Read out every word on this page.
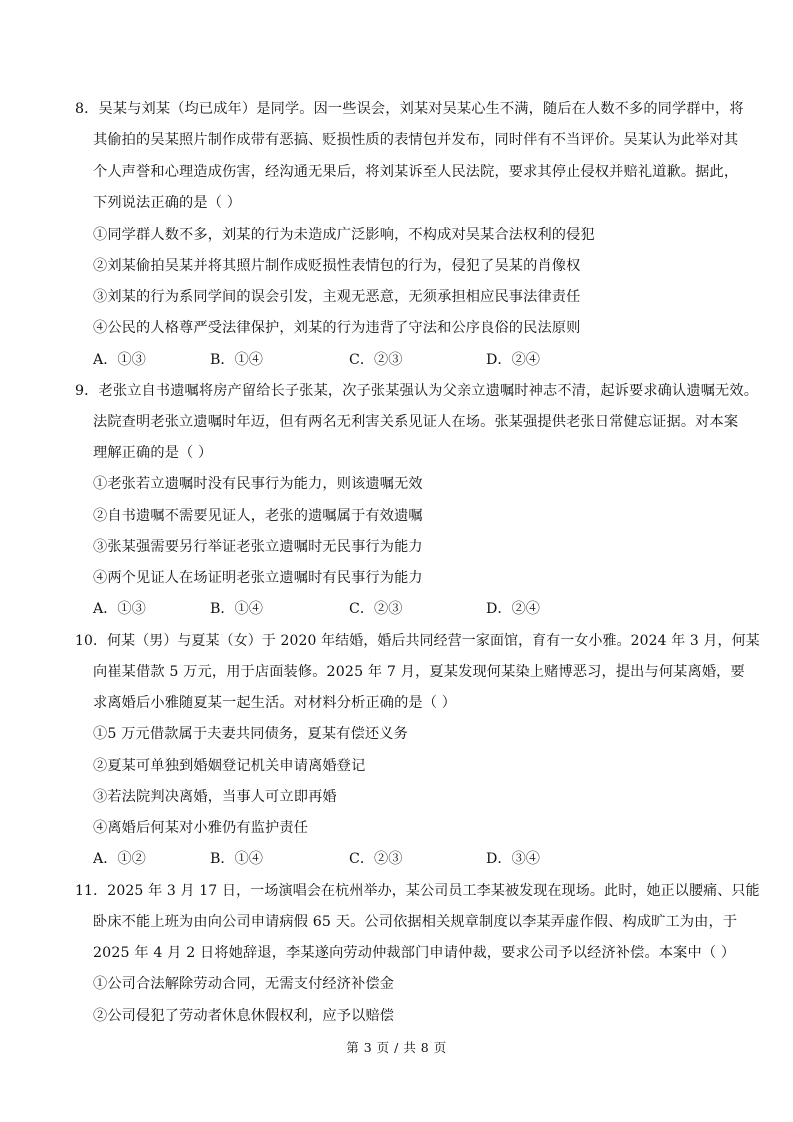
8．吴某与刘某（均已成年）是同学。因一些误会，刘某对吴某心生不满，随后在人数不多的同学群中，将
其偷拍的吴某照片制作成带有恶搞、贬损性质的表情包并发布，同时伴有不当评价。吴某认为此举对其
个人声誉和心理造成伤害，经沟通无果后，将刘某诉至人民法院，要求其停止侵权并赔礼道歉。据此，
下列说法正确的是（ ）
①同学群人数不多，刘某的行为未造成广泛影响，不构成对吴某合法权利的侵犯
②刘某偷拍吴某并将其照片制作成贬损性表情包的行为，侵犯了吴某的肖像权
③刘某的行为系同学间的误会引发，主观无恶意，无须承担相应民事法律责任
④公民的人格尊严受法律保护，刘某的行为违背了守法和公序良俗的民法原则
A．①③	B．①④	C．②③	D．②④
9．老张立自书遗嘱将房产留给长子张某，次子张某强认为父亲立遗嘱时神志不清，起诉要求确认遗嘱无效。
法院查明老张立遗嘱时年迈，但有两名无利害关系见证人在场。张某强提供老张日常健忘证据。对本案
理解正确的是（ ）
①老张若立遗嘱时没有民事行为能力，则该遗嘱无效
②自书遗嘱不需要见证人，老张的遗嘱属于有效遗嘱
③张某强需要另行举证老张立遗嘱时无民事行为能力
④两个见证人在场证明老张立遗嘱时有民事行为能力
A．①③	B．①④	C．②③	D．②④
10．何某（男）与夏某（女）于 2020 年结婚，婚后共同经营一家面馆，育有一女小雅。2024 年 3 月，何某
向崔某借款 5 万元，用于店面装修。2025 年 7 月，夏某发现何某染上赌博恶习，提出与何某离婚，要
求离婚后小雅随夏某一起生活。对材料分析正确的是（ ）
①5 万元借款属于夫妻共同债务，夏某有偿还义务
②夏某可单独到婚姻登记机关申请离婚登记
③若法院判决离婚，当事人可立即再婚
④离婚后何某对小雅仍有监护责任
A．①②	B．①④	C．②③	D．③④
11．2025 年 3 月 17 日，一场演唱会在杭州举办，某公司员工李某被发现在现场。此时，她正以腰痛、只能
卧床不能上班为由向公司申请病假 65 天。公司依据相关规章制度以李某弄虚作假、构成旷工为由，于
2025 年 4 月 2 日将她辞退，李某遂向劳动仲裁部门申请仲裁，要求公司予以经济补偿。本案中（ ）
①公司合法解除劳动合同，无需支付经济补偿金
②公司侵犯了劳动者休息休假权利，应予以赔偿
第 3 页 / 共 8 页
